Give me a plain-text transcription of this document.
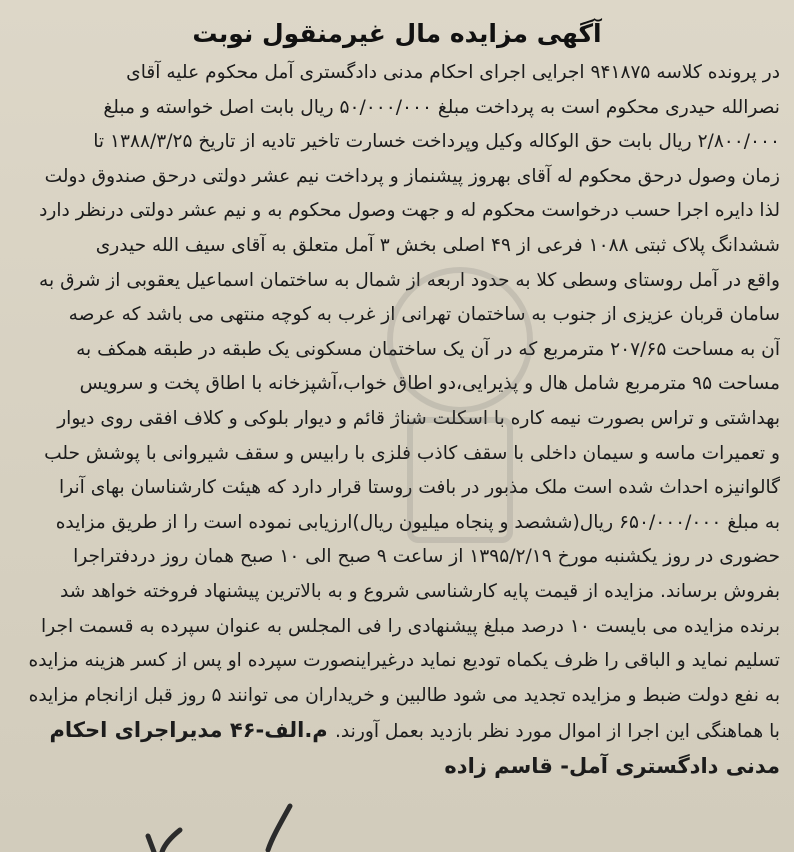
آگهی مزایده مال غیرمنقول نوبت
در پرونده کلاسه ۹۴۱۸۷۵ اجرایی اجرای احکام مدنی دادگستری آمل محکوم علیه آقای
نصرالله حیدری محکوم است به پرداخت مبلغ ۵۰/۰۰۰/۰۰۰ ریال بابت اصل خواسته و مبلغ
۲/۸۰۰/۰۰۰ ریال بابت حق الوکاله وکیل وپرداخت خسارت تاخیر تادیه از تاریخ ۱۳۸۸/۳/۲۵ تا
زمان وصول درحق محکوم له آقای بهروز پیشنماز و پرداخت نیم عشر دولتی درحق صندوق دولت
لذا دایره اجرا حسب درخواست محکوم له و جهت وصول محکوم به و نیم عشر دولتی درنظر دارد
ششدانگ پلاک ثبتی ۱۰۸۸ فرعی از ۴۹ اصلی بخش ۳ آمل متعلق به آقای سیف الله حیدری
واقع در آمل روستای وسطی کلا به حدود اربعه از شمال به ساختمان اسماعیل یعقوبی از شرق به
سامان قربان عزیزی از جنوب به ساختمان تهرانی از غرب به کوچه منتهی می باشد که عرصه
آن به مساحت ۲۰۷/۶۵ مترمربع که در آن یک ساختمان مسکونی یک طبقه در طبقه همکف به
مساحت ۹۵ مترمربع شامل هال و پذیرایی،دو اطاق خواب،آشپزخانه با اطاق پخت و سرویس
بهداشتی و تراس بصورت نیمه کاره با اسکلت شناژ قائم و دیوار بلوکی و کلاف افقی روی دیوار
و تعمیرات ماسه و سیمان داخلی با سقف کاذب فلزی با رابیس و سقف شیروانی با پوشش حلب
گالوانیزه احداث شده است ملک مذبور در بافت روستا قرار دارد که هیئت کارشناسان بهای آنرا
به مبلغ ۶۵۰/۰۰۰/۰۰۰ ریال(ششصد و پنجاه میلیون ریال)ارزیابی نموده است را از طریق مزایده
حضوری در روز یکشنبه مورخ ۱۳۹۵/۲/۱۹ از ساعت ۹ صبح الی ۱۰ صبح همان روز دردفتراجرا
بفروش برساند. مزایده از قیمت پایه کارشناسی شروع و به بالاترین پیشنهاد فروخته خواهد شد
برنده مزایده می بایست ۱۰ درصد مبلغ پیشنهادی را فی المجلس به عنوان سپرده به قسمت اجرا
تسلیم نماید و الباقی را ظرف یکماه تودیع نماید درغیراینصورت سپرده او پس از کسر هزینه مزایده
به نفع دولت ضبط و مزایده تجدید می شود طالبین و خریداران می توانند ۵ روز قبل ازانجام مزایده
با هماهنگی این اجرا از اموال مورد نظر بازدید بعمل آورند. م.الف-۴۶ مدیراجرای احکام
مدنی دادگستری آمل- قاسم زاده
